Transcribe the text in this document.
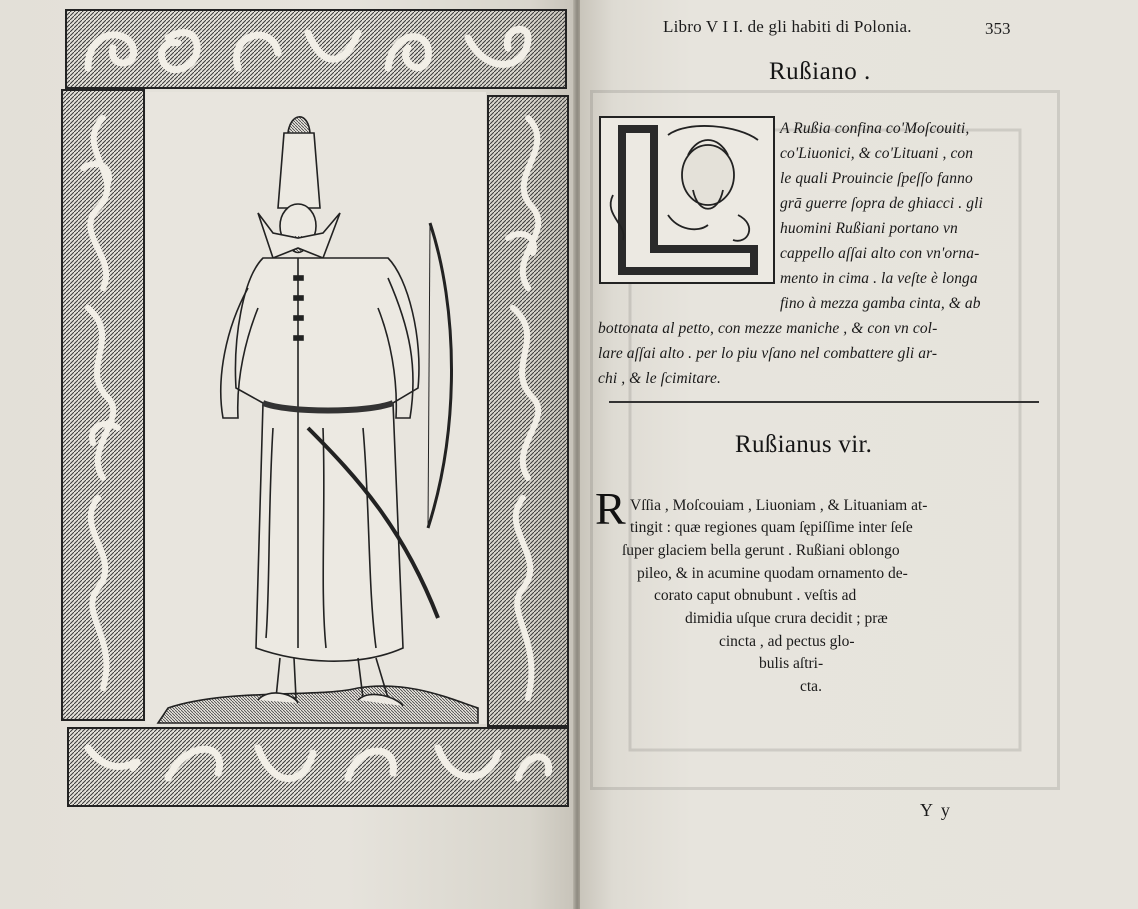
Libro V I I. de gli habiti di Polonia.	353
Rußiano .
A Rußia confina co'Moſcouiti,
co'Liuonici, & co'Lituani , con
le quali Prouincie ſpeſſo fanno
grā guerre ſopra de ghiacci . gli
huomini Rußiani portano vn
cappello aſſai alto con vn'orna-
mento in cima . la veſte è longa
fino à mezza gamba cinta, & ab
bottonata al petto, con mezze maniche , & con vn col-
lare aſſai alto . per lo piu vſano nel combattere gli ar-
chi , & le ſcimitare.
Rußianus vir.
R Vſſia , Moſcouiam , Liuoniam , & Lituaniam at-
tingit : quæ regiones quam ſępiſſime inter ſeſe
ſuper glaciem bella gerunt . Rußiani oblongo
pileo, & in acumine quodam ornamento de-
corato caput obnubunt . veſtis ad
dimidia uſque crura decidit ; præ
cincta , ad pectus glo-
bulis aſtri-
cta.
Y y
